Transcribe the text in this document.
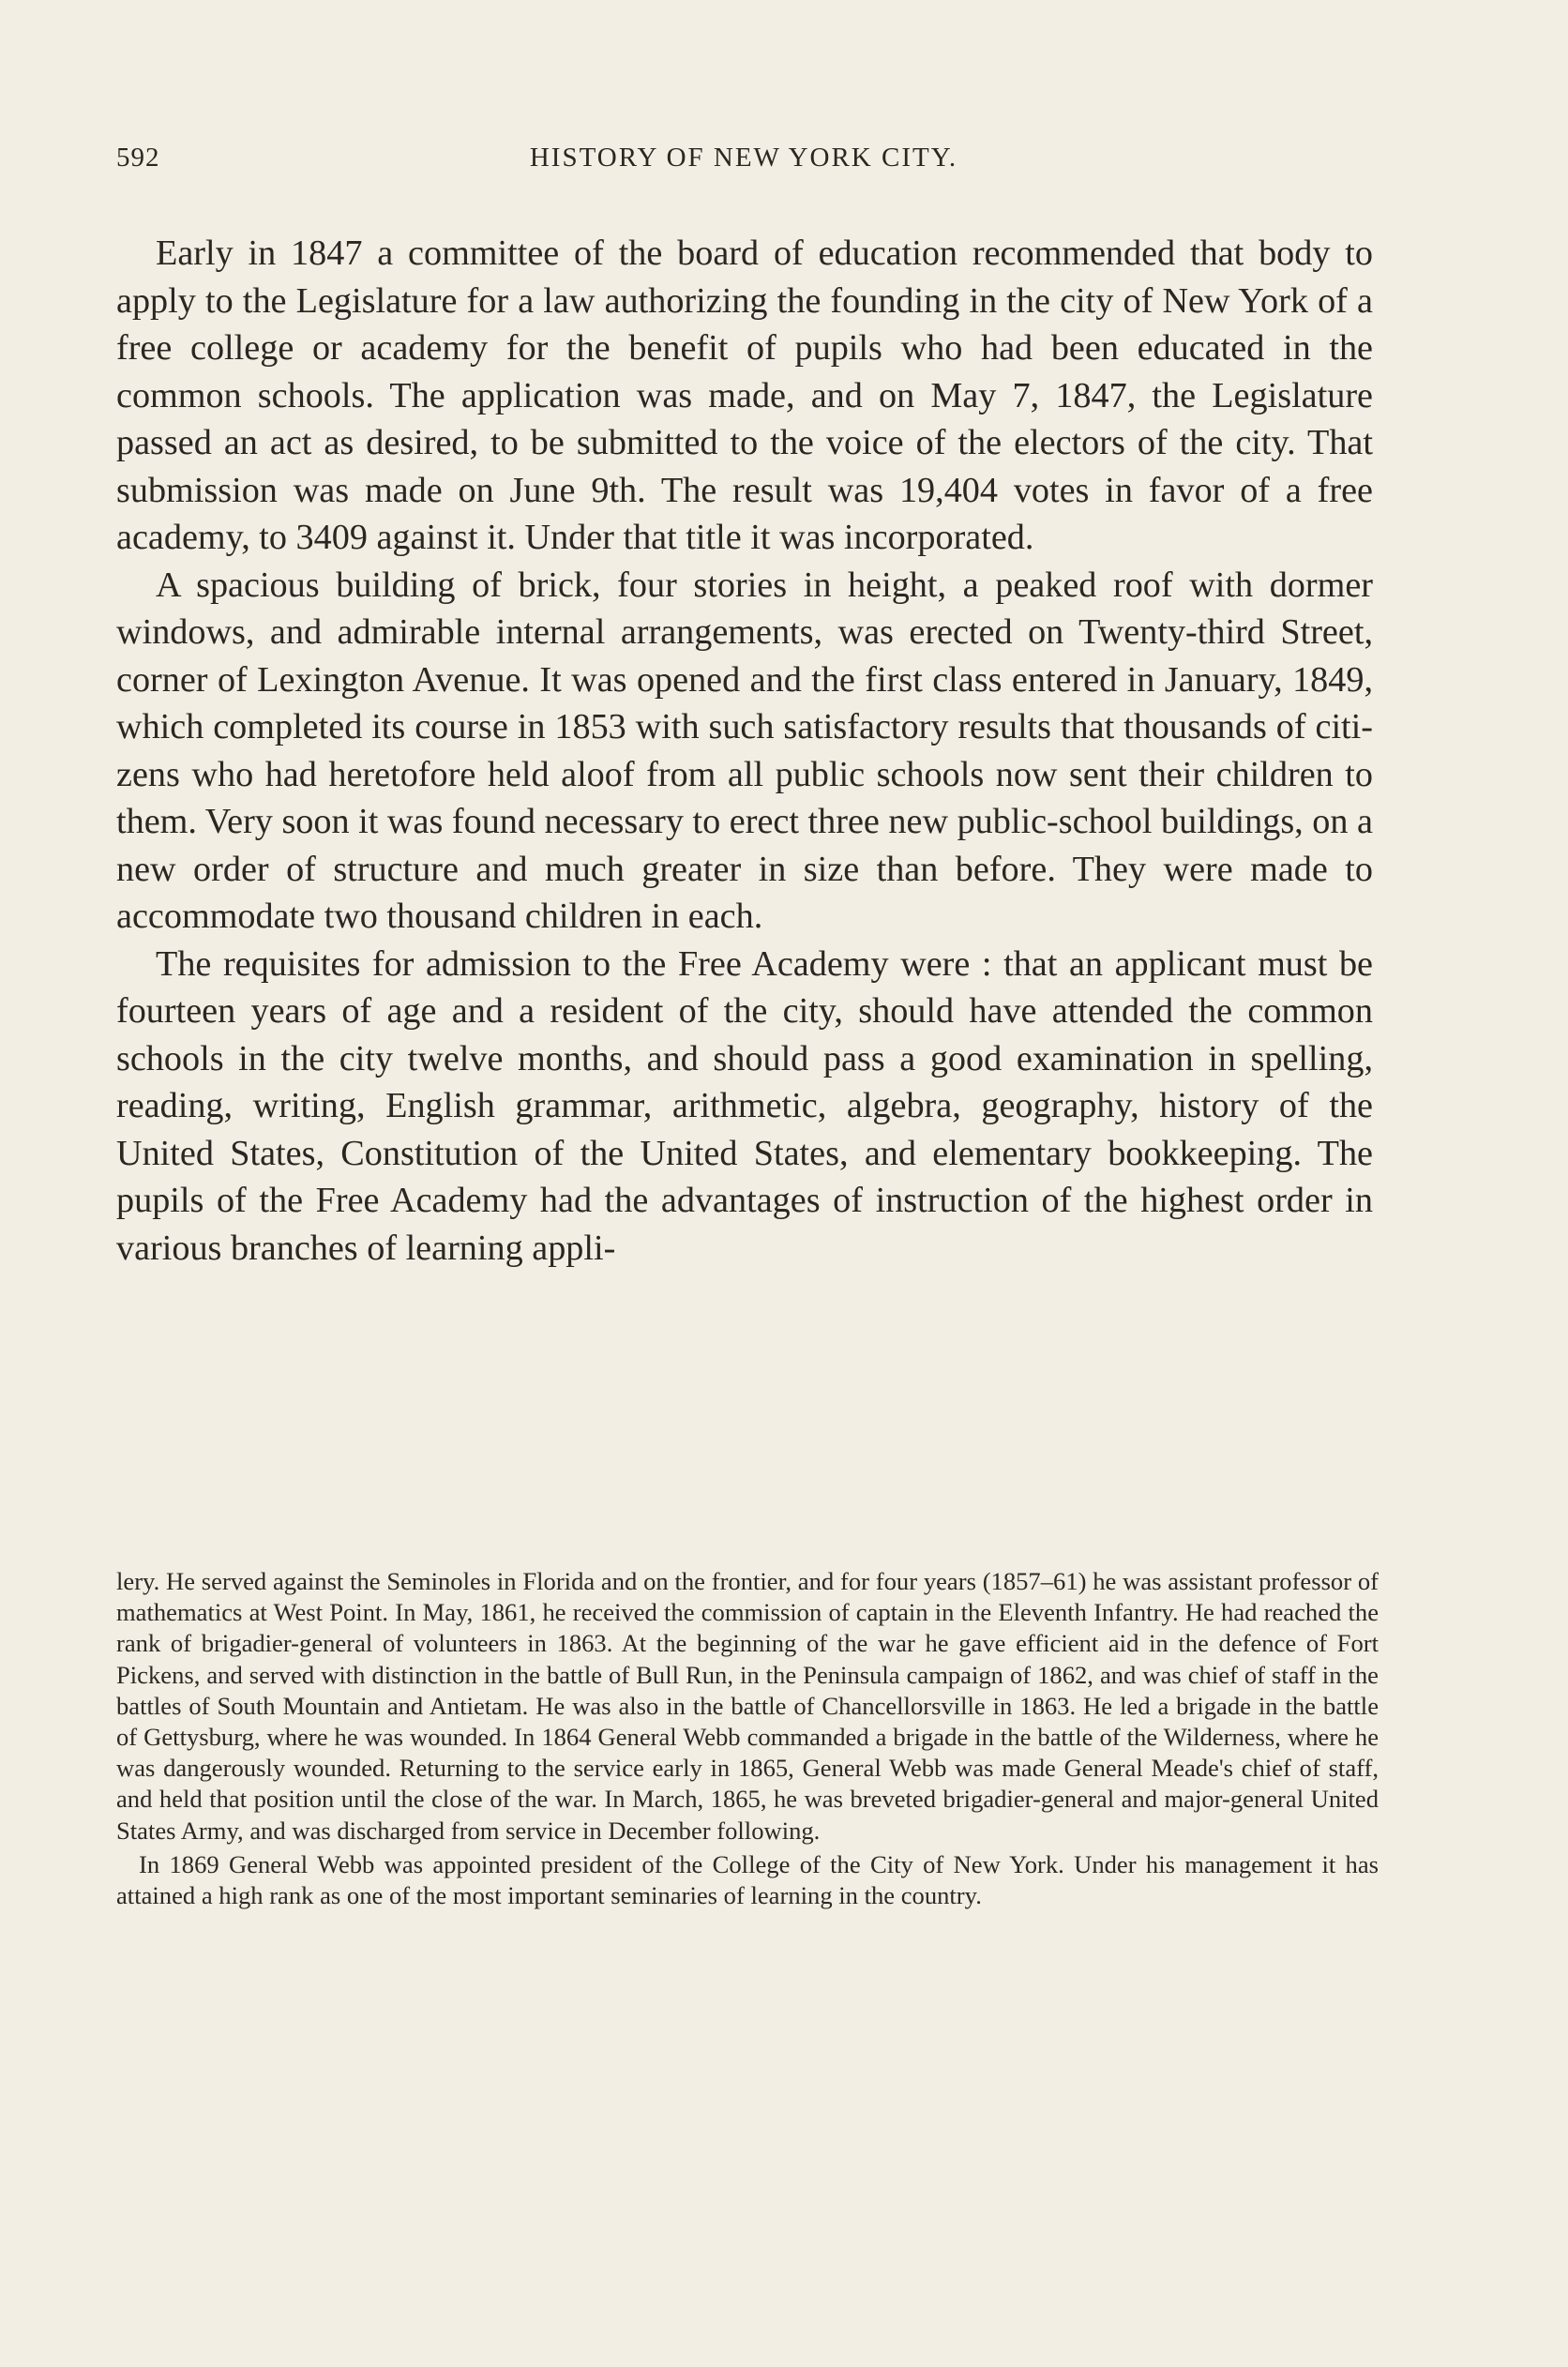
592	HISTORY OF NEW YORK CITY.

Early in 1847 a committee of the board of education recommended that body to apply to the Legislature for a law authorizing the founding in the city of New York of a free college or academy for the benefit of pupils who had been educated in the common schools. The application was made, and on May 7, 1847, the Legislature passed an act as desired, to be submitted to the voice of the electors of the city. That submission was made on June 9th. The result was 19,404 votes in favor of a free academy, to 3409 against it. Under that title it was incorporated.

A spacious building of brick, four stories in height, a peaked roof with dormer windows, and admirable internal arrangements, was erected on Twenty-third Street, corner of Lexington Avenue. It was opened and the first class entered in January, 1849, which completed its course in 1853 with such satisfactory results that thousands of citizens who had heretofore held aloof from all public schools now sent their children to them. Very soon it was found necessary to erect three new public-school buildings, on a new order of structure and much greater in size than before. They were made to accommodate two thousand children in each.

The requisites for admission to the Free Academy were : that an applicant must be fourteen years of age and a resident of the city, should have attended the common schools in the city twelve months, and should pass a good examination in spelling, reading, writing, English grammar, arithmetic, algebra, geography, history of the United States, Constitution of the United States, and elementary bookkeeping. The pupils of the Free Academy had the advantages of instruction of the highest order in various branches of learning appli-

lery. He served against the Seminoles in Florida and on the frontier, and for four years (1857–61) he was assistant professor of mathematics at West Point. In May, 1861, he received the commission of captain in the Eleventh Infantry. He had reached the rank of brigadier-general of volunteers in 1863. At the beginning of the war he gave efficient aid in the defence of Fort Pickens, and served with distinction in the battle of Bull Run, in the Peninsula campaign of 1862, and was chief of staff in the battles of South Mountain and Antietam. He was also in the battle of Chancellorsville in 1863. He led a brigade in the battle of Gettysburg, where he was wounded. In 1864 General Webb commanded a brigade in the battle of the Wilderness, where he was dangerously wounded. Returning to the service early in 1865, General Webb was made General Meade's chief of staff, and held that position until the close of the war. In March, 1865, he was breveted brigadier-general and major-general United States Army, and was discharged from service in December following.

In 1869 General Webb was appointed president of the College of the City of New York. Under his management it has attained a high rank as one of the most important seminaries of learning in the country.
